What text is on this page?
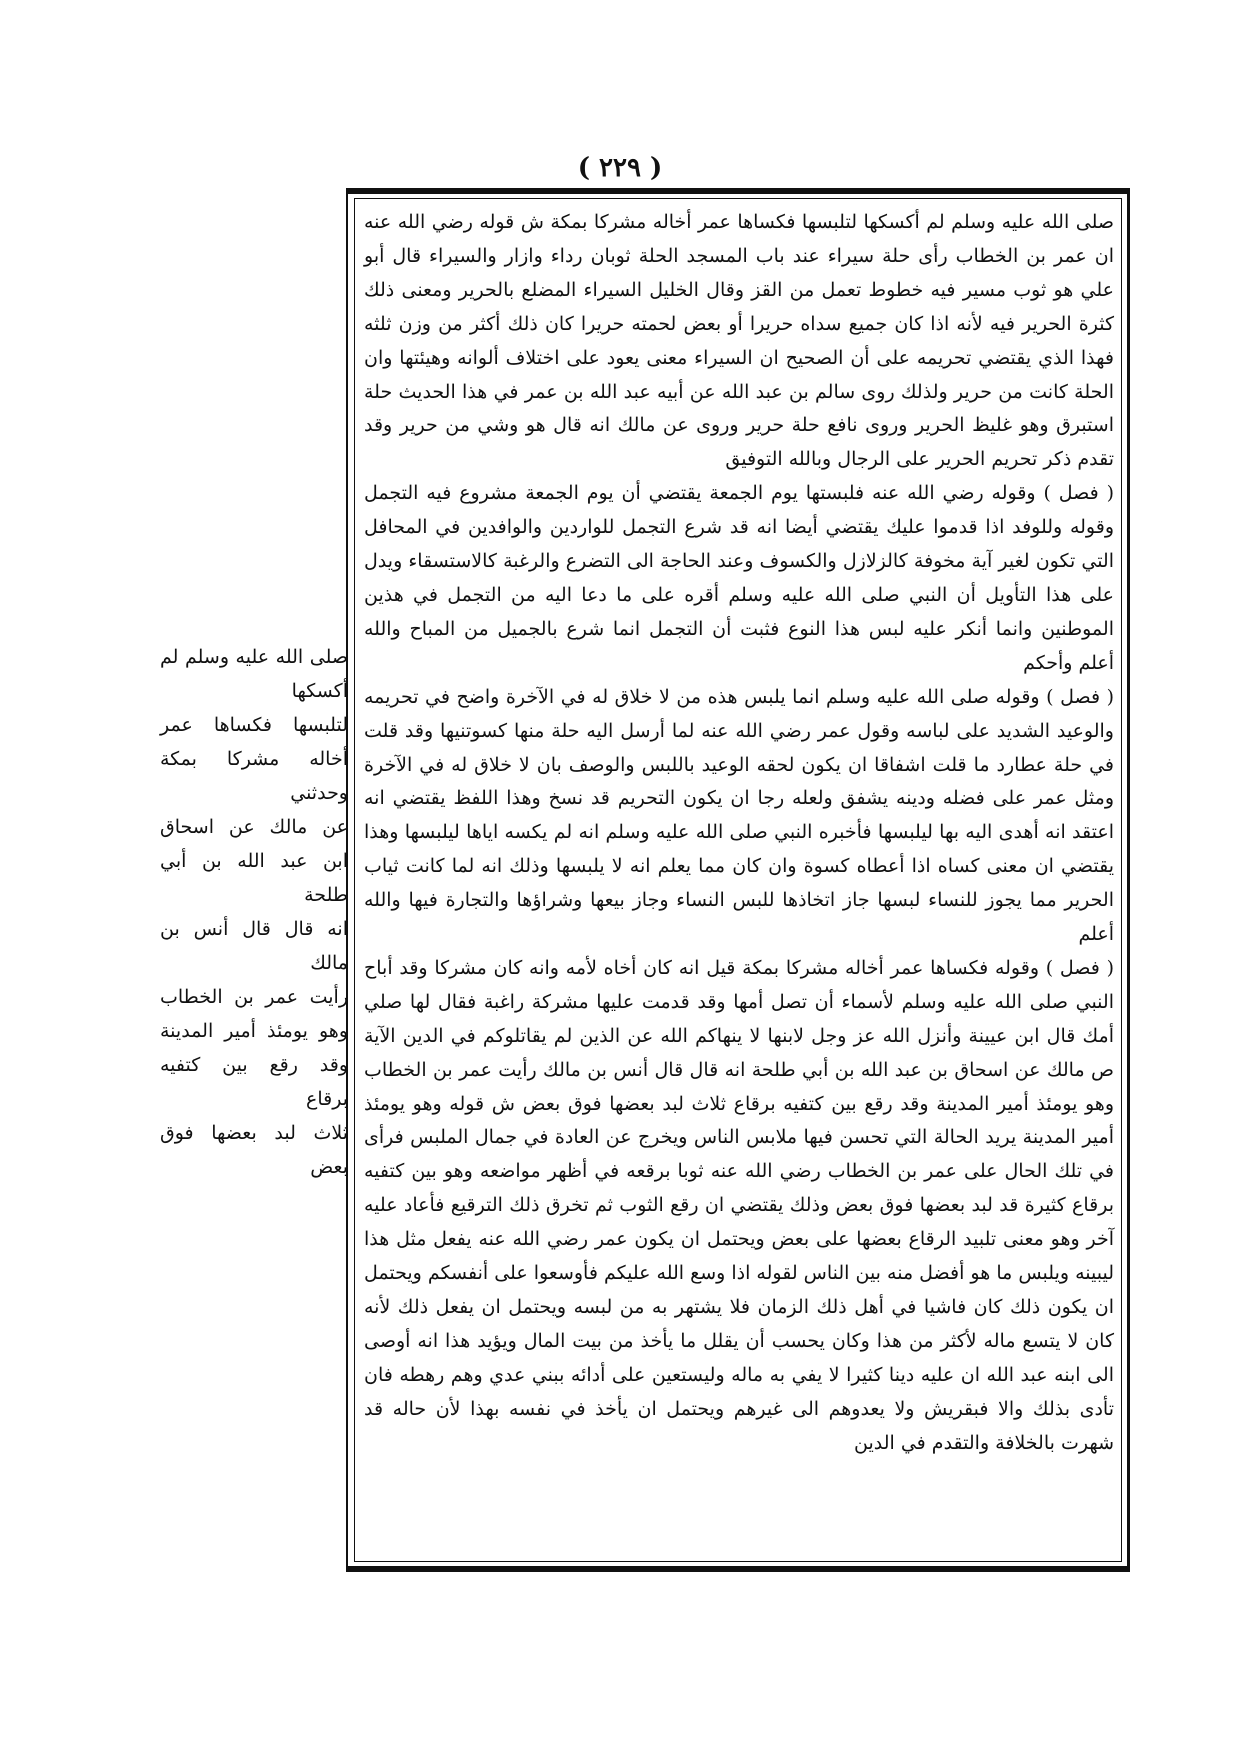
( ٢٢٩ )

صلى الله عليه وسلم لم أكسكها

لتلبسها فكساها عمر

أخاله مشركا بمكة وحدثني

عن مالك عن اسحاق

ابن عبد الله بن أبي طلحة

انه قال قال أنس بن مالك

رأيت عمر بن الخطاب

وهو يومئذ أمير المدينة

وقد رقع بين كتفيه برقاع

ثلاث لبد بعضها فوق بعض

صلى الله عليه وسلم لم أكسكها لتلبسها فكساها عمر أخاله مشركا بمكة ش قوله رضي الله عنه ان عمر بن الخطاب رأى حلة سيراء عند باب المسجد الحلة ثوبان رداء وازار والسيراء قال أبو علي هو ثوب مسير فيه خطوط تعمل من القز وقال الخليل السيراء المضلع بالحرير ومعنى ذلك كثرة الحرير فيه لأنه اذا كان جميع سداه حريرا أو بعض لحمته حريرا كان ذلك أكثر من وزن ثلثه فهذا الذي يقتضي تحريمه على أن الصحيح ان السيراء معنى يعود على اختلاف ألوانه وهيئتها وان الحلة كانت من حرير ولذلك روى سالم بن عبد الله عن أبيه عبد الله بن عمر في هذا الحديث حلة استبرق وهو غليظ الحرير وروى نافع حلة حرير وروى عن مالك انه قال هو وشي من حرير وقد تقدم ذكر تحريم الحرير على الرجال وبالله التوفيق

( فصل ) وقوله رضي الله عنه فلبستها يوم الجمعة يقتضي أن يوم الجمعة مشروع فيه التجمل وقوله وللوفد اذا قدموا عليك يقتضي أيضا انه قد شرع التجمل للواردين والوافدين في المحافل التي تكون لغير آية مخوفة كالزلازل والكسوف وعند الحاجة الى التضرع والرغبة كالاستسقاء ويدل على هذا التأويل أن النبي صلى الله عليه وسلم أقره على ما دعا اليه من التجمل في هذين الموطنين وانما أنكر عليه لبس هذا النوع فثبت أن التجمل انما شرع بالجميل من المباح والله أعلم وأحكم

( فصل ) وقوله صلى الله عليه وسلم انما يلبس هذه من لا خلاق له في الآخرة واضح في تحريمه والوعيد الشديد على لباسه وقول عمر رضي الله عنه لما أرسل اليه حلة منها كسوتنيها وقد قلت في حلة عطارد ما قلت اشفاقا ان يكون لحقه الوعيد باللبس والوصف بان لا خلاق له في الآخرة ومثل عمر على فضله ودينه يشفق ولعله رجا ان يكون التحريم قد نسخ وهذا اللفظ يقتضي انه اعتقد انه أهدى اليه بها ليلبسها فأخبره النبي صلى الله عليه وسلم انه لم يكسه اياها ليلبسها وهذا يقتضي ان معنى كساه اذا أعطاه كسوة وان كان مما يعلم انه لا يلبسها وذلك انه لما كانت ثياب الحرير مما يجوز للنساء لبسها جاز اتخاذها للبس النساء وجاز بيعها وشراؤها والتجارة فيها والله أعلم

( فصل ) وقوله فكساها عمر أخاله مشركا بمكة قيل انه كان أخاه لأمه وانه كان مشركا وقد أباح النبي صلى الله عليه وسلم لأسماء أن تصل أمها وقد قدمت عليها مشركة راغبة فقال لها صلي أمك قال ابن عيينة وأنزل الله عز وجل لابنها لا ينهاكم الله عن الذين لم يقاتلوكم في الدين الآية ص مالك عن اسحاق بن عبد الله بن أبي طلحة انه قال قال أنس بن مالك رأيت عمر بن الخطاب وهو يومئذ أمير المدينة وقد رقع بين كتفيه برقاع ثلاث لبد بعضها فوق بعض ش قوله وهو يومئذ أمير المدينة يريد الحالة التي تحسن فيها ملابس الناس ويخرج عن العادة في جمال الملبس فرأى في تلك الحال على عمر بن الخطاب رضي الله عنه ثوبا برقعه في أظهر مواضعه وهو بين كتفيه برقاع كثيرة قد لبد بعضها فوق بعض وذلك يقتضي ان رقع الثوب ثم تخرق ذلك الترقيع فأعاد عليه آخر وهو معنى تلبيد الرقاع بعضها على بعض ويحتمل ان يكون عمر رضي الله عنه يفعل مثل هذا ليبينه ويلبس ما هو أفضل منه بين الناس لقوله اذا وسع الله عليكم فأوسعوا على أنفسكم ويحتمل ان يكون ذلك كان فاشيا في أهل ذلك الزمان فلا يشتهر به من لبسه ويحتمل ان يفعل ذلك لأنه كان لا يتسع ماله لأكثر من هذا وكان يحسب أن يقلل ما يأخذ من بيت المال ويؤيد هذا انه أوصى الى ابنه عبد الله ان عليه دينا كثيرا لا يفي به ماله وليستعين على أدائه ببني عدي وهم رهطه فان تأدى بذلك والا فبقريش ولا يعدوهم الى غيرهم ويحتمل ان يأخذ في نفسه بهذا لأن حاله قد شهرت بالخلافة والتقدم في الدين
